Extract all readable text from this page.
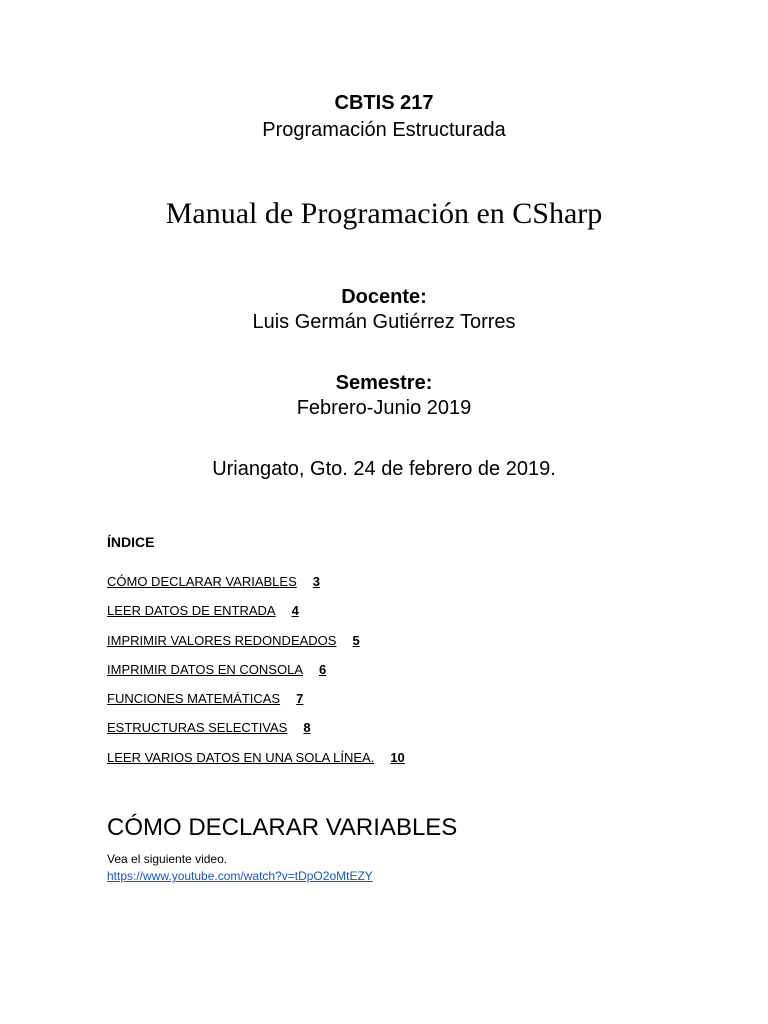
CBTIS 217
Programación Estructurada
Manual de Programación en CSharp
Docente:
Luis Germán Gutiérrez Torres
Semestre:
Febrero-Junio 2019
Uriangato, Gto. 24 de febrero de 2019.
ÍNDICE
CÓMO DECLARAR VARIABLES 3
LEER DATOS DE ENTRADA 4
IMPRIMIR VALORES REDONDEADOS 5
IMPRIMIR DATOS EN CONSOLA 6
FUNCIONES MATEMÁTICAS 7
ESTRUCTURAS SELECTIVAS 8
LEER VARIOS DATOS EN UNA SOLA LÍNEA. 10
CÓMO DECLARAR VARIABLES
Vea el siguiente video.
https://www.youtube.com/watch?v=tDpO2oMtEZY
